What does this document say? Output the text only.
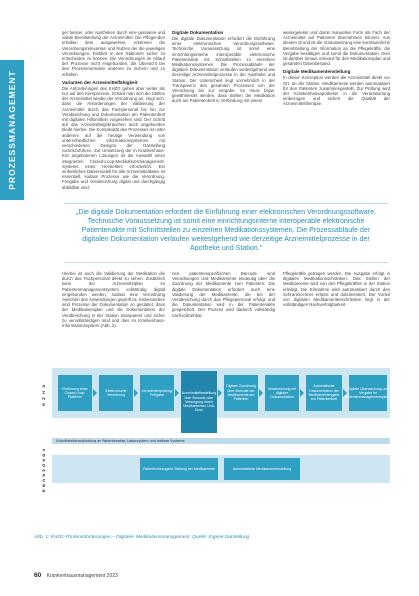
PROZESSMANAGEMENT

ger besser, oder Apotheken durch eine genauere und valide Bereitstellung der Arzneimittel. Die Pflegenden erhalten dem ausgewerten, erkennen die Verordnungsrelevanten und Nutzen der die jeweiligen Verordnungen. Einblick in den Stationen sicher zu entscheiden zu können. Die Verordnungen im Ablauf der Prozesse nicht eingebunden, die Übersicht bei den Prozessnormalen anderen zu sichern und zu erhalten.

Varianten der Arzneimittelfähigkeit

Die Anforderungen des KHZG gehen aber weiter als nur auf den Kernprozess. Schaut man sich die Stellen der Arzneimittel wieder der Verordnung an, zeigt sich, dass die Anforderungen der Validierung der Arzneimittel durch das Fachpersonal bis hin zur Verabreichung und Dokumentation am Patientenbett mit digitalen Hilfsmitteln vorgesehen sind. Der Schritt auf das Arzneimittelgebrauchen auch angebunden bleibt hierbei. Die Komplexität des Prozesses ist unter anderem auf die heutige Verwendung von unterschiedlichen Informationssystemen mit verschiedenen Designs der Darstellung zurückzuführen. Zur Umsetzung der in Krankenhaus-KIS angebotenen Lösungen ist die Auswahl eines integrierten Closed-Loop-Medikationsmanagement-Systems eines Herstellers erforderlich. Ein einheitliches Datenmodell für alle Arzneimitteldaten ist essentiell, sodass Prozesse wie die Verordnung, Freigabe und Verabreichung digital und durchgängig abbildbar sind.

Digitale Dokumentation

Die digitale Dokumentation erfordert die Einführung einer elektronischen Verordnungssoftware. Technische Voraussetzung ist somit eine einrichtungsinterne interoperable elektronische Patientenakte mit Schnittstellen zu einzelnen Medikationssystemen. Die Prozessabläufe der digitalen Dokumentation verlaufen weitestgehend wie derzeitige Arzneimittelprozesse in der Apotheke und Station. Der Unterschied liegt vornehmlich in der Transparenz des gesamten Prozesses von der Verordnung bis zur Vergabe. So muss bspw. gewährleistet werden, dass Stellen der Medikation auch am Patientenbett in Verbindung mit einem

weitergeleitet und damit manuellen Form als Fach der Arzneimittel auf Patienten übernehmen können. Aus diesem Grund ist die Voraussetzung eine kontinuierliche Bereitstellung der Information an die Pflegekräfte, die Vergabe bestätigen und somit die Dokumentation. Dies ist darüber hinaus relevant für den Medikationsplan und gesamten Datenbestand.

Digitale Medikamentenstellung

In dieser Konzeption werden die Arzneimittel direkt vor Ort, an der Station. Medikamente werden automatisiert für den Patienten zusammengestellt. Zur Prüfung wird der Krankenhausapotheker in die Verantwortung einbezogen und sichert die Qualität der Arzneimitteltherapie.

„Die digitale Dokumentation erfordert die Einführung einer elektronischen Verordnungssoftware. Technische Voraussetzung ist somit eine einrichtungsinterne interoperable elektronische Patientenakte mit Schnittstellen zu einzelnen Medikationssystemen. Die Prozessabläufe der digitalen Dokumentation verlaufen weitestgehend wie derzeitige Arzneimittelprozesse in der Apotheke und Station.“

Hierbei ist auch die Validierung der Medikation die durch das Fachpersonal direkt zu sehen. Zusätzlich kann der Arzneimittelplan im Patientenmanagementsystem vollständig digital eingebunden werden, sodass eine Verordnung zwischen den Anwendungen geprüft ist. Insbesondere sind Prozesse der Dokumentation so gestaltet, dass der Medikationsplan und die Dokumentation der Verabreichung in der Station transparent und sicher zu vervollständigen sind und dies im Krankenhaus-Informationssystem (Abb. 2).

nen patientenspezifischen Barcode sind Verordnungen und Medikamente eindeutig über die Zuordnung der Medikamente zum Patienten. Die digitale Dokumentation erfordert auch eine Validierung der Medikamente, die bei der Verabreichung durch das Pflegepersonal erfolgt, und die Dokumentation wird in der Patientenakte gespeichert. Der Prozess wird dadurch vollständig nachvollziehbar.

Pflegekräfte getragen werden. Die Ausgabe erfolgt in digitalen Medikationsschränken. Das Stellen der Medikamente wird von den Pflegekräften in der Station erledigt. Die Einnahme wird automatisiert durch den Schrankrechner erfasst und dokumentiert. Der Vorteil von digitalen Medikamentenschränken liegt in der vollständigen Nachverfolgbarkeit.

K H Z G	Einführung einer Closed-Loop-Plattform
Elektronische Verordnung
Arzneimittelprüfung/ Freigabe	Arzneimittelbestellung über Barcode oder Versorgung durch Medikamenten-Unit-Dose
Digitale Zuordnung über Barcode der Medikamente am Patienten
Verabreichung mit digitaler Dokumentation
Automatische Dokumentation der Medikamentengabe am Patientenbett
Digitale Überwachung und Vergabe im Patientenmanagementsystem
Schnittstellenanbindung an Patientenakte, Laborsystem und weitere Systeme
F O R D E R U N G	Patientenbezogene Stellung der Medikamente	Automatisierte Medikamentenstellung
Abb. 1: KHZG-Förderanforderungen – Digitales Medikationsmanagement, Quelle: Eigene Darstellung
60 Krankenhausmanagement 2023
